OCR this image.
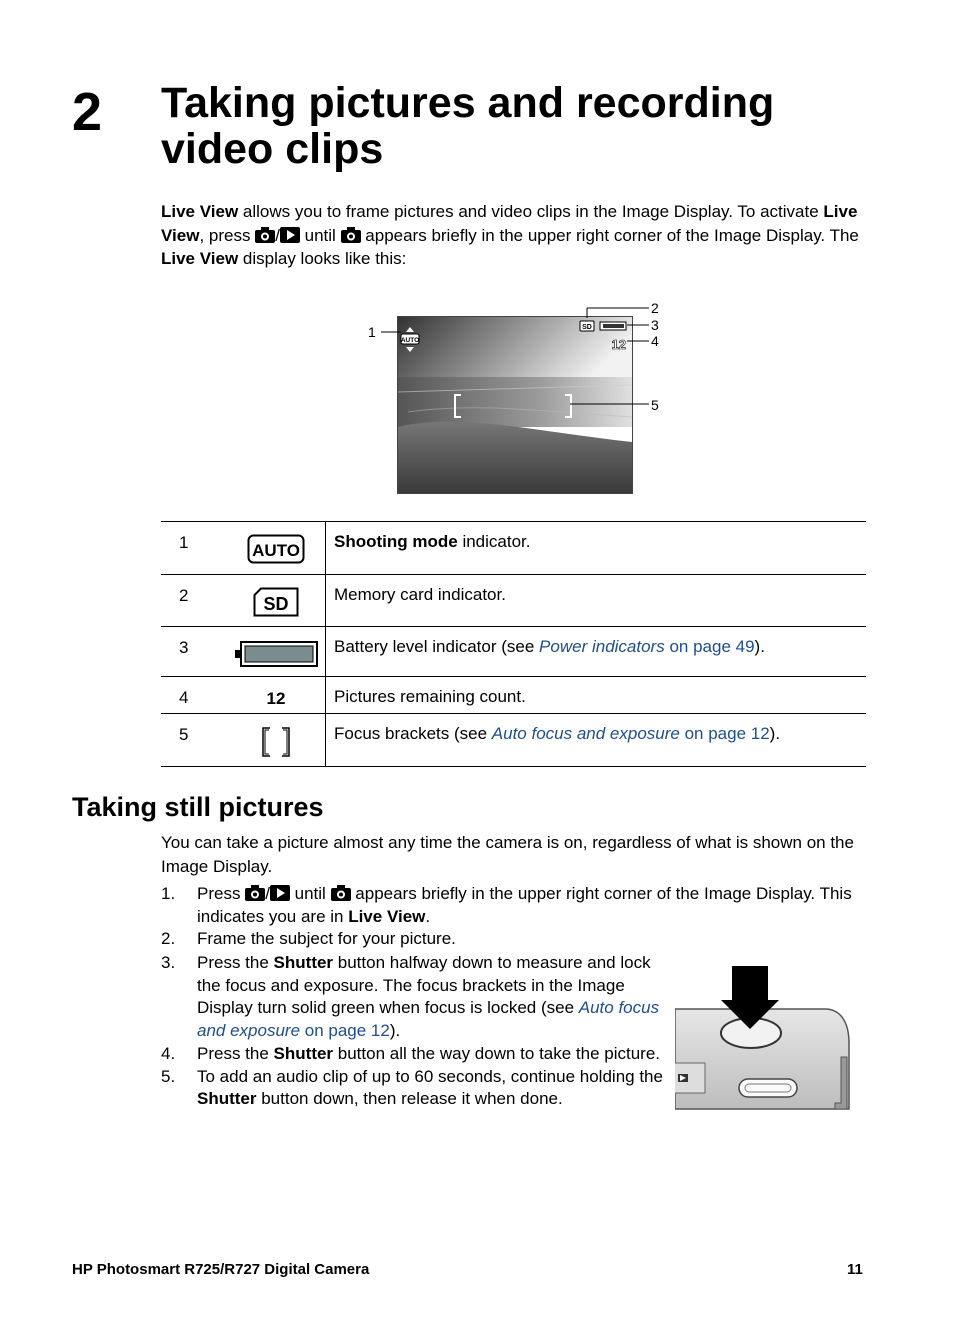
2 Taking pictures and recording video clips
Live View allows you to frame pictures and video clips in the Image Display. To activate Live View, press / until  appears briefly in the upper right corner of the Image Display. The Live View display looks like this:
AUTO
SD
12
1
2
3
4
5
1	AUTO	Shooting mode indicator.
2	SD	Memory card indicator.
3		Battery level indicator (see Power indicators on page 49).
4	12	Pictures remaining count.
5		Focus brackets (see Auto focus and exposure on page 12).
Taking still pictures
You can take a picture almost any time the camera is on, regardless of what is shown on the Image Display.
1. Press / until  appears briefly in the upper right corner of the Image Display. This indicates you are in Live View.
2. Frame the subject for your picture.
3. Press the Shutter button halfway down to measure and lock the focus and exposure. The focus brackets in the Image Display turn solid green when focus is locked (see Auto focus and exposure on page 12).
4. Press the Shutter button all the way down to take the picture.
5. To add an audio clip of up to 60 seconds, continue holding the Shutter button down, then release it when done.
HP Photosmart R725/R727 Digital Camera	11
